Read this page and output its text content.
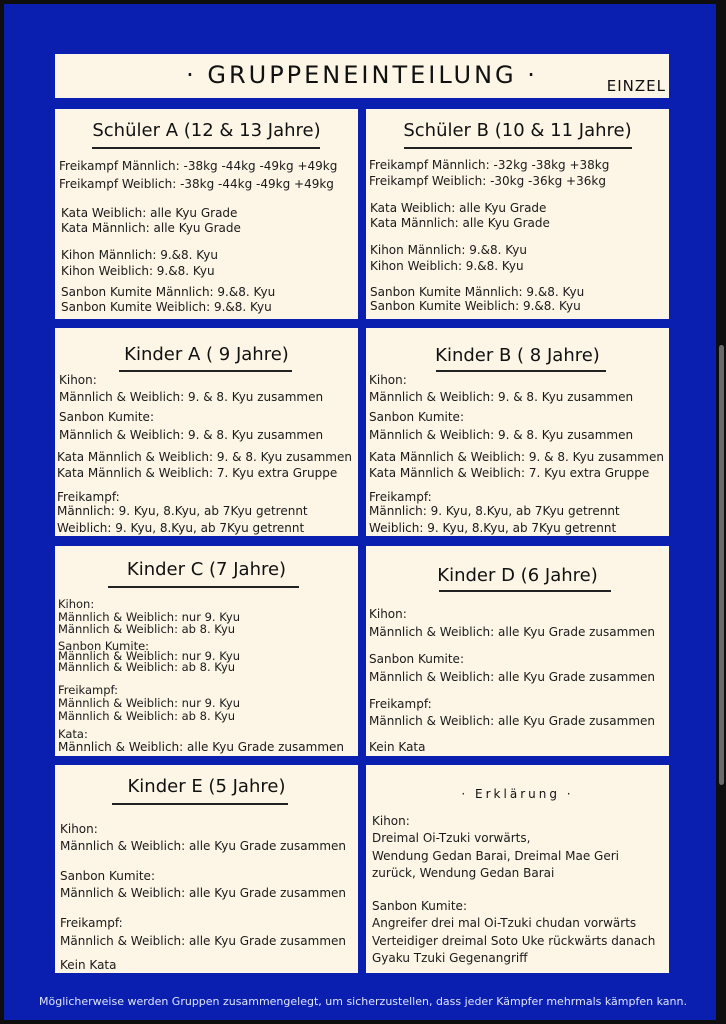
· GRUPPENEINTEILUNG ·	EINZEL
Schüler A (12 & 13 Jahre)
Freikampf Männlich: -38kg -44kg -49kg +49kg
Freikampf Weiblich: -38kg -44kg -49kg +49kg
Kata Weiblich: alle Kyu Grade
Kata Männlich: alle Kyu Grade
Kihon Männlich: 9.&8. Kyu
Kihon Weiblich: 9.&8. Kyu
Sanbon Kumite Männlich: 9.&8. Kyu
Sanbon Kumite Weiblich: 9.&8. Kyu
Schüler B (10 & 11 Jahre)
Freikampf Männlich: -32kg -38kg +38kg
Freikampf Weiblich: -30kg -36kg +36kg
Kata Weiblich: alle Kyu Grade
Kata Männlich: alle Kyu Grade
Kihon Männlich: 9.&8. Kyu
Kihon Weiblich: 9.&8. Kyu
Sanbon Kumite Männlich: 9.&8. Kyu
Sanbon Kumite Weiblich: 9.&8. Kyu
Kinder A ( 9 Jahre)
Kihon:
Männlich & Weiblich: 9. & 8. Kyu zusammen
Sanbon Kumite:
Männlich & Weiblich: 9. & 8. Kyu zusammen
Kata Männlich & Weiblich: 9. & 8. Kyu zusammen
Kata Männlich & Weiblich: 7. Kyu extra Gruppe
Freikampf:
Männlich: 9. Kyu, 8.Kyu, ab 7Kyu getrennt
Weiblich: 9. Kyu, 8.Kyu, ab 7Kyu getrennt
Kinder B ( 8 Jahre)
Kihon:
Männlich & Weiblich: 9. & 8. Kyu zusammen
Sanbon Kumite:
Männlich & Weiblich: 9. & 8. Kyu zusammen
Kata Männlich & Weiblich: 9. & 8. Kyu zusammen
Kata Männlich & Weiblich: 7. Kyu extra Gruppe
Freikampf:
Männlich: 9. Kyu, 8.Kyu, ab 7Kyu getrennt
Weiblich: 9. Kyu, 8.Kyu, ab 7Kyu getrennt
Kinder C (7 Jahre)
Kihon:
Männlich & Weiblich: nur 9. Kyu
Männlich & Weiblich: ab 8. Kyu
Sanbon Kumite:
Männlich & Weiblich: nur 9. Kyu
Männlich & Weiblich: ab 8. Kyu
Freikampf:
Männlich & Weiblich: nur 9. Kyu
Männlich & Weiblich: ab 8. Kyu
Kata:
Männlich & Weiblich: alle Kyu Grade zusammen
Kinder D (6 Jahre)
Kihon:
Männlich & Weiblich: alle Kyu Grade zusammen
Sanbon Kumite:
Männlich & Weiblich: alle Kyu Grade zusammen
Freikampf:
Männlich & Weiblich: alle Kyu Grade zusammen
Kein Kata
Kinder E (5 Jahre)
Kihon:
Männlich & Weiblich: alle Kyu Grade zusammen
Sanbon Kumite:
Männlich & Weiblich: alle Kyu Grade zusammen
Freikampf:
Männlich & Weiblich: alle Kyu Grade zusammen
Kein Kata
· Erklärung ·
Kihon:
Dreimal Oi-Tzuki vorwärts,
Wendung Gedan Barai, Dreimal Mae Geri
zurück, Wendung Gedan Barai
Sanbon Kumite:
Angreifer drei mal Oi-Tzuki chudan vorwärts
Verteidiger dreimal Soto Uke rückwärts danach
Gyaku Tzuki Gegenangriff
Möglicherweise werden Gruppen zusammengelegt, um sicherzustellen, dass jeder Kämpfer mehrmals kämpfen kann.
